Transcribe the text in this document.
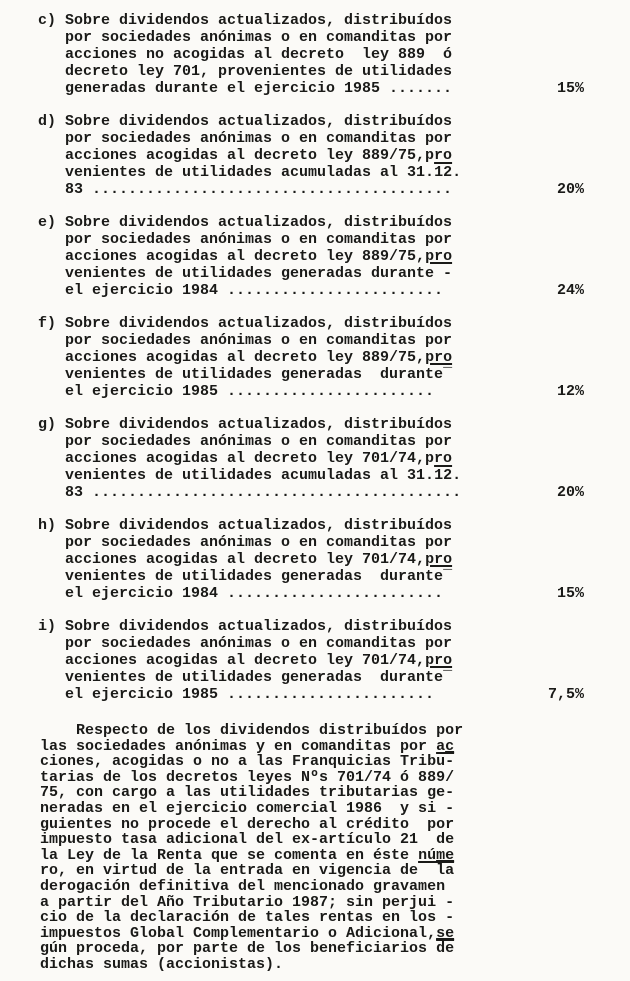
c) Sobre dividendos actualizados, distribuídos
por sociedades anónimas o en comanditas por
acciones no acogidas al decreto  ley 889  ó
decreto ley 701, provenientes de utilidades
generadas durante el ejercicio 1985 .......	15%
d) Sobre dividendos actualizados, distribuídos
por sociedades anónimas o en comanditas por
acciones acogidas al decreto ley 889/75,pro
venientes de utilidades acumuladas al 31.12.
83 ........................................	20%
e) Sobre dividendos actualizados, distribuídos
por sociedades anónimas o en comanditas por
acciones acogidas al decreto ley 889/75,pro
venientes de utilidades generadas durante -
el ejercicio 1984 ........................	24%
f) Sobre dividendos actualizados, distribuídos
por sociedades anónimas o en comanditas por
acciones acogidas al decreto ley 889/75,pro
venientes de utilidades generadas  durante¯
el ejercicio 1985 .......................	12%
g) Sobre dividendos actualizados, distribuídos
por sociedades anónimas o en comanditas por
acciones acogidas al decreto ley 701/74,pro
venientes de utilidades acumuladas al 31.12.
83 .........................................	20%
h) Sobre dividendos actualizados, distribuídos
por sociedades anónimas o en comanditas por
acciones acogidas al decreto ley 701/74,pro
venientes de utilidades generadas  durante¯
el ejercicio 1984 ........................	15%
i) Sobre dividendos actualizados, distribuídos
por sociedades anónimas o en comanditas por
acciones acogidas al decreto ley 701/74,pro
venientes de utilidades generadas  durante¯
el ejercicio 1985 .......................	7,5%
Respecto de los dividendos distribuídos por
las sociedades anónimas y en comanditas por ac
ciones, acogidas o no a las Franquicias Tribu-
tarias de los decretos leyes Nºs 701/74 ó 889/
75, con cargo a las utilidades tributarias ge-
neradas en el ejercicio comercial 1986  y si -
guientes no procede el derecho al crédito  por
impuesto tasa adicional del ex-artículo 21  de
la Ley de la Renta que se comenta en éste núme
ro, en virtud de la entrada en vigencia de  $\overline{la}$
derogación definitiva del mencionado gravamen
a partir del Año Tributario 1987; sin perjui -
cio de la declaración de tales rentas en los -
impuestos Global Complementario o Adicional,se
gún proceda, por parte de los beneficiarios $\overline{de}$
dichas sumas (accionistas).
